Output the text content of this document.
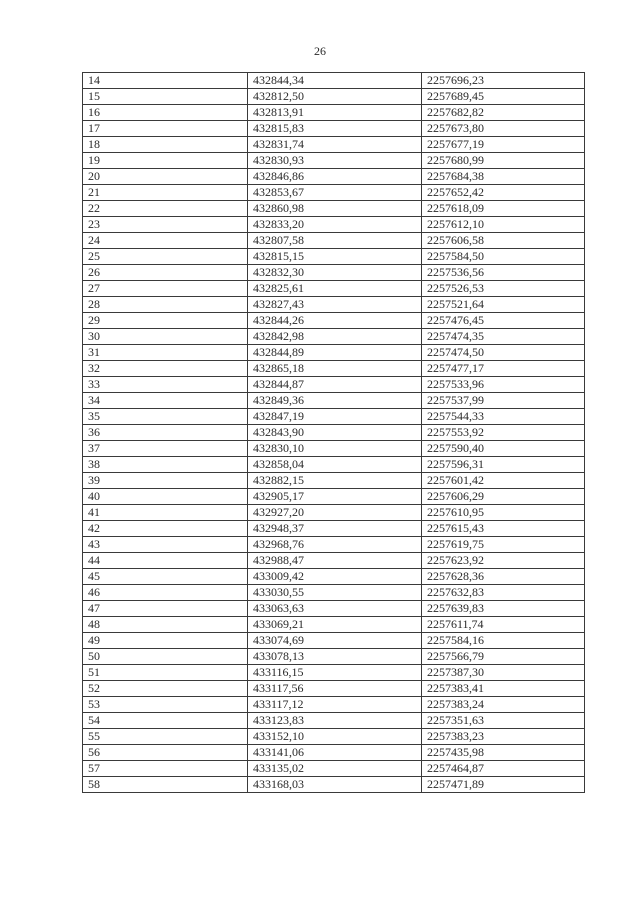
26
14	432844,34	2257696,23
15	432812,50	2257689,45
16	432813,91	2257682,82
17	432815,83	2257673,80
18	432831,74	2257677,19
19	432830,93	2257680,99
20	432846,86	2257684,38
21	432853,67	2257652,42
22	432860,98	2257618,09
23	432833,20	2257612,10
24	432807,58	2257606,58
25	432815,15	2257584,50
26	432832,30	2257536,56
27	432825,61	2257526,53
28	432827,43	2257521,64
29	432844,26	2257476,45
30	432842,98	2257474,35
31	432844,89	2257474,50
32	432865,18	2257477,17
33	432844,87	2257533,96
34	432849,36	2257537,99
35	432847,19	2257544,33
36	432843,90	2257553,92
37	432830,10	2257590,40
38	432858,04	2257596,31
39	432882,15	2257601,42
40	432905,17	2257606,29
41	432927,20	2257610,95
42	432948,37	2257615,43
43	432968,76	2257619,75
44	432988,47	2257623,92
45	433009,42	2257628,36
46	433030,55	2257632,83
47	433063,63	2257639,83
48	433069,21	2257611,74
49	433074,69	2257584,16
50	433078,13	2257566,79
51	433116,15	2257387,30
52	433117,56	2257383,41
53	433117,12	2257383,24
54	433123,83	2257351,63
55	433152,10	2257383,23
56	433141,06	2257435,98
57	433135,02	2257464,87
58	433168,03	2257471,89
